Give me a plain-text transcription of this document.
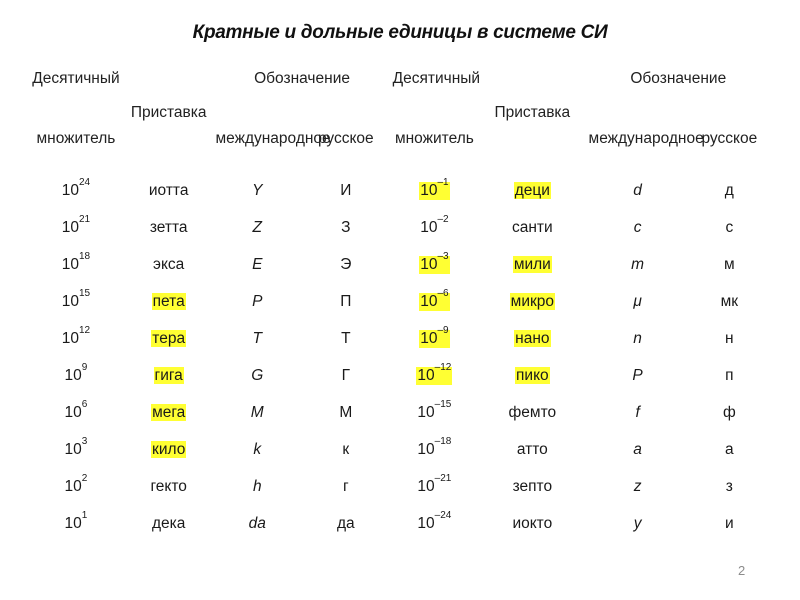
Кратные и дольные единицы в системе СИ
Десятичный	Приставка	Обозначение		Десятичный	Приставка	Обозначение	
множитель		международное	русское	множитель		международное	русское
$10^{24}$	иотта	Y	И	$10^{-1}$	деци	d	д
$10^{21}$	зетта	Z	З	$10^{-2}$	санти	c	с
$10^{18}$	экса	E	Э	$10^{-3}$	мили	m	м
$10^{15}$	пета	P	П	$10^{-6}$	микро	μ	мк
$10^{12}$	тера	T	Т	$10^{-9}$	нано	n	н
$10^9$	гига	G	Г	$10^{-12}$	пико	P	п
$10^6$	мега	M	М	$10^{-15}$	фемто	f	ф
$10^3$	кило	k	к	$10^{-18}$	атто	a	а
$10^2$	гекто	h	г	$10^{-21}$	зепто	z	з
$10^1$	дека	da	да	$10^{-24}$	иокто	y	и
2
